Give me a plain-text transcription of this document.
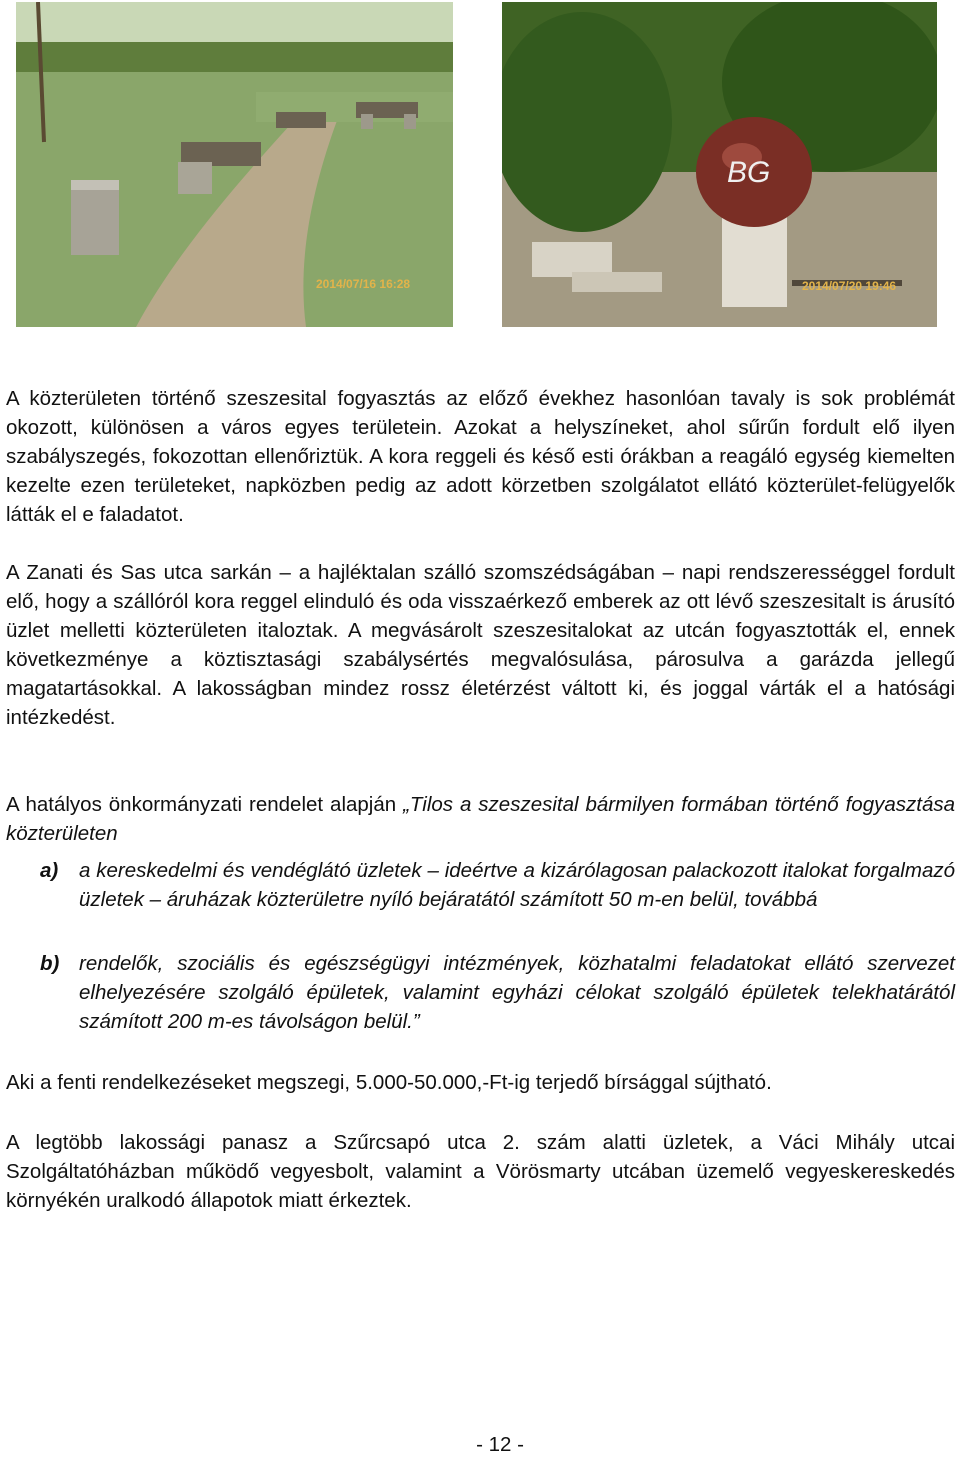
2014/07/16 16:28
BG
2014/07/20 19:46

A közterületen történő szeszesital fogyasztás az előző évekhez hasonlóan tavaly is sok problémát okozott, különösen a város egyes területein. Azokat a helyszíneket, ahol sűrűn fordult elő ilyen szabályszegés, fokozottan ellenőriztük. A kora reggeli és késő esti órákban a reagáló egység kiemelten kezelte ezen területeket, napközben pedig az adott körzetben szolgálatot ellátó közterület-felügyelők látták el e faladatot.

A Zanati és Sas utca sarkán – a hajléktalan szálló szomszédságában – napi rendszerességgel fordult elő, hogy a szállóról kora reggel elinduló és oda visszaérkező emberek az ott lévő szeszesitalt is árusító üzlet melletti közterületen italoztak. A megvásárolt szeszesitalokat az utcán fogyasztották el, ennek következménye a köztisztasági szabálysértés megvalósulása, párosulva a garázda jellegű magatartásokkal. A lakosságban mindez rossz életérzést váltott ki, és joggal várták el a hatósági intézkedést.

A hatályos önkormányzati rendelet alapján „Tilos a szeszesital bármilyen formában történő fogyasztása közterületen

a) a kereskedelmi és vendéglátó üzletek – ideértve a kizárólagosan palackozott italokat forgalmazó üzletek – áruházak közterületre nyíló bejáratától számított 50 m-en belül, továbbá
b) rendelők, szociális és egészségügyi intézmények, közhatalmi feladatokat ellátó szervezet elhelyezésére szolgáló épületek, valamint egyházi célokat szolgáló épületek telekhatárától számított 200 m-es távolságon belül.”

Aki a fenti rendelkezéseket megszegi, 5.000-50.000,-Ft-ig terjedő bírsággal sújtható.

A legtöbb lakossági panasz a Szűrcsapó utca 2. szám alatti üzletek, a Váci Mihály utcai Szolgáltatóházban működő vegyesbolt, valamint a Vörösmarty utcában üzemelő vegyeskereskedés környékén uralkodó állapotok miatt érkeztek.

- 12 -
